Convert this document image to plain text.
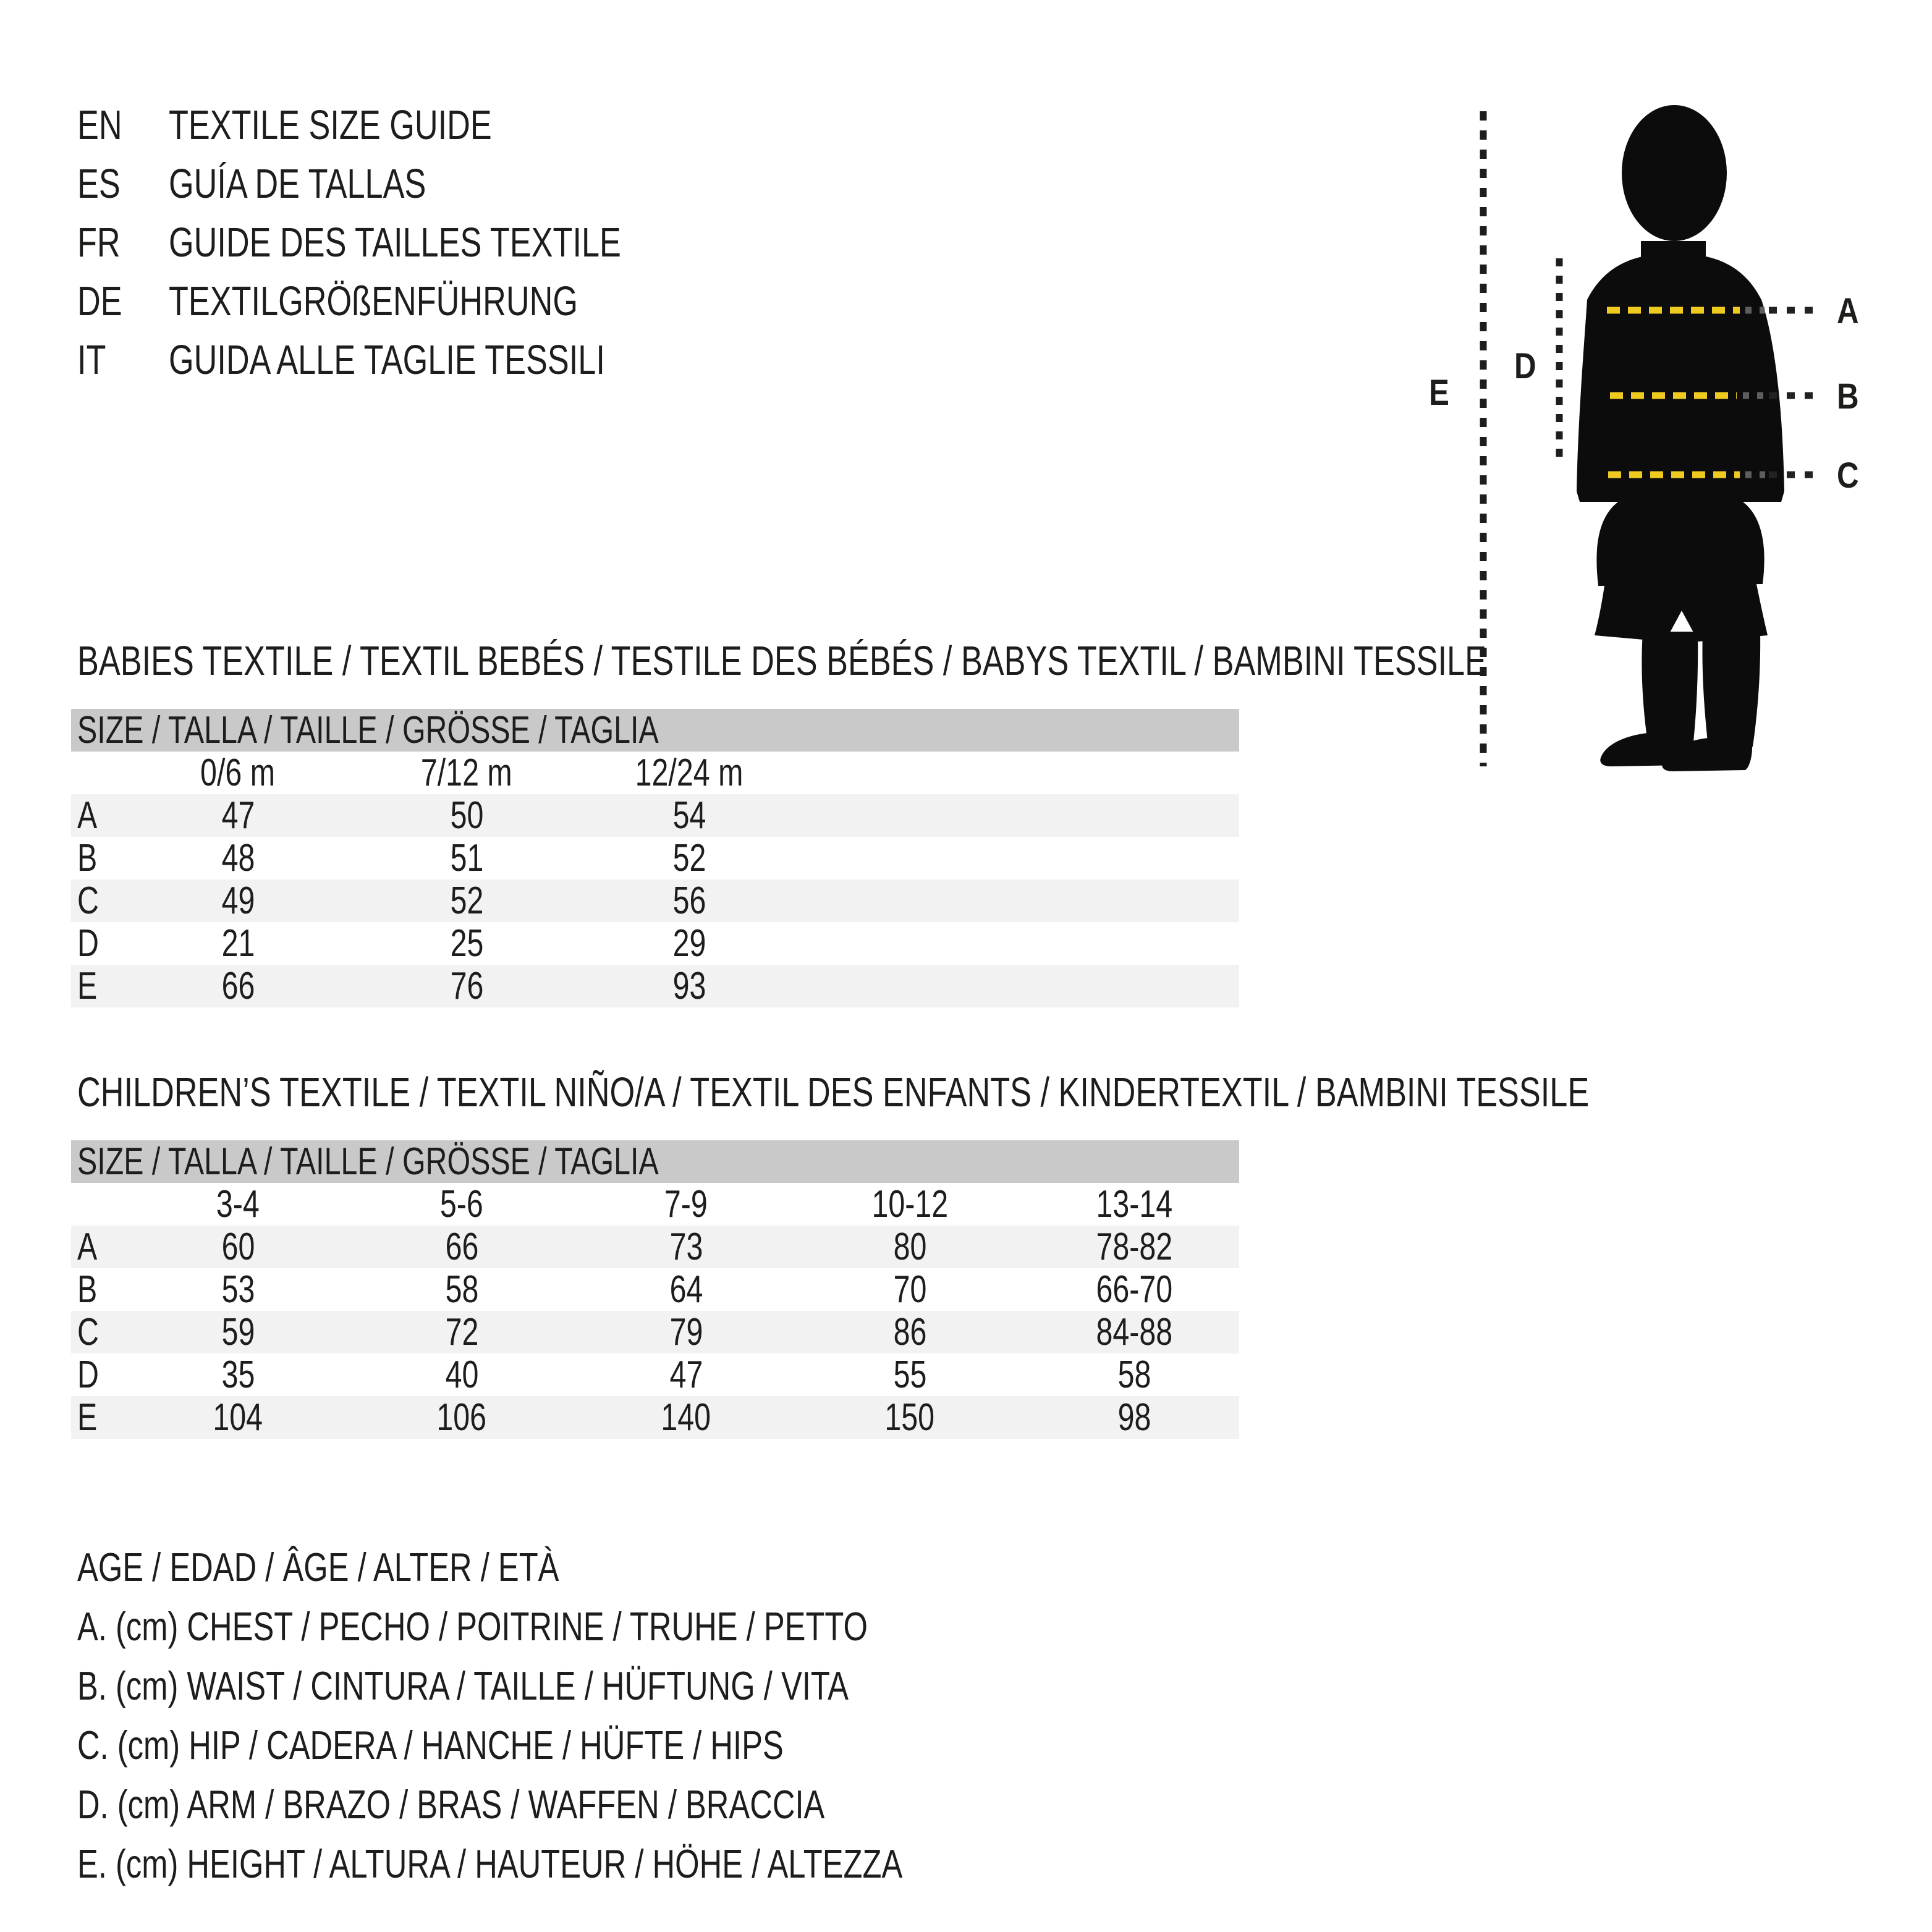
EN	TEXTILE SIZE GUIDE
ES GUÍA DE TALLAS
FR GUIDE DES TAILLES TEXTILE
DE	TEXTILGRÖßENFÜHRUNG
IT GUIDA ALLE TAGLIE TESSILI
A
B
C
D
E
BABIES TEXTILE / TEXTIL BEBÉS / TESTILE DES BÉBÉS / BABYS TEXTIL / BAMBINI TESSILE
SIZE / TALLA / TAILLE / GRÖSSE / TAGLIA
0/6 m	7/12 m	12/24 m
A	47	50	54
B	48	51	52
C	49	52	56
D	21	25	29
E	66	76	93
CHILDREN’S TEXTILE / TEXTIL NIÑO/A / TEXTIL DES ENFANTS / KINDERTEXTIL / BAMBINI TESSILE
SIZE / TALLA / TAILLE / GRÖSSE / TAGLIA
3-4	5-6	7-9	10-12	13-14
A	60	66	73	80	78-82
B	53	58	64	70	66-70
C	59	72	79	86	84-88
D	35	40	47	55	58
E	104	106	140	150	98
AGE / EDAD / ÂGE / ALTER / ETÀ
A. (cm) CHEST / PECHO / POITRINE / TRUHE / PETTO
B. (cm) WAIST / CINTURA / TAILLE / HÜFTUNG / VITA
C. (cm) HIP / CADERA / HANCHE / HÜFTE / HIPS
D. (cm) ARM / BRAZO / BRAS / WAFFEN / BRACCIA
E. (cm) HEIGHT / ALTURA / HAUTEUR / HÖHE / ALTEZZA
